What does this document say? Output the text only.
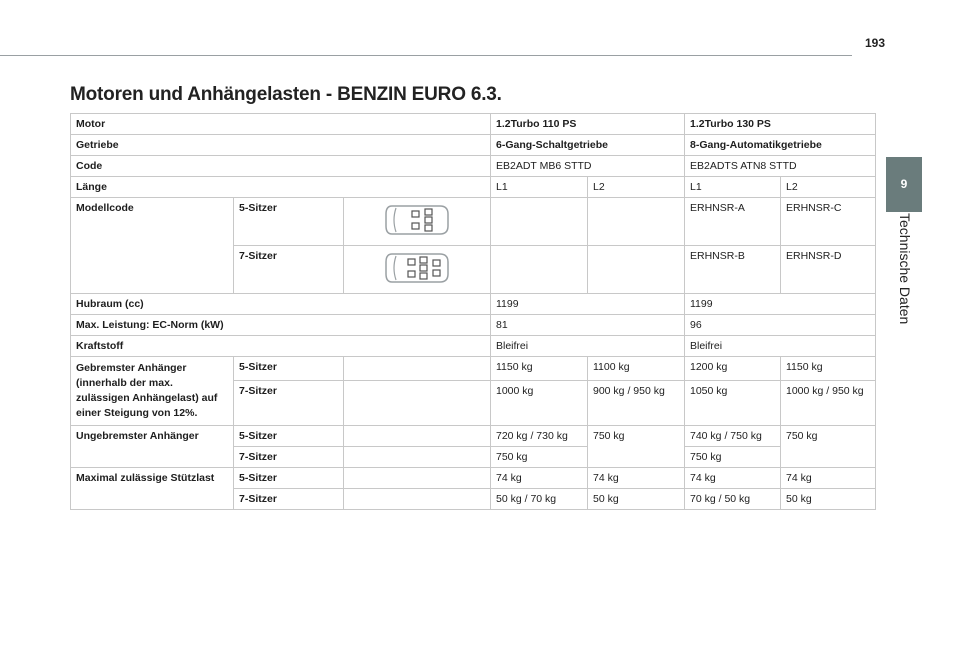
193
9
Technische Daten
Motoren und Anhängelasten - BENZIN EURO 6.3.
Motor			1.2Turbo 110 PS		1.2Turbo 130 PS	
Getriebe			6-Gang-Schaltgetriebe		8-Gang-Automatikgetriebe	
Code			EB2ADT MB6 STTD		EB2ADTS ATN8 STTD	
Länge			L1	L2	L1	L2
Modellcode	5-Sitzer				ERHNSR-A	ERHNSR-C
	7-Sitzer				ERHNSR-B	ERHNSR-D
Hubraum (cc)			1199		1199	
Max. Leistung: EC-Norm (kW)			81		96	
Kraftstoff			Bleifrei		Bleifrei	
Gebremster Anhänger (innerhalb der max. zulässigen Anhängelast) auf einer Steigung von 12%.	5-Sitzer		1150 kg	1100 kg	1200 kg	1150 kg
	7-Sitzer		1000 kg	900 kg / 950 kg	1050 kg	1000 kg / 950 kg
Ungebremster Anhänger	5-Sitzer		720 kg / 730 kg	750 kg	740 kg / 750 kg	750 kg
	7-Sitzer		750 kg		750 kg	
Maximal zulässige Stützlast	5-Sitzer		74 kg	74 kg	74 kg	74 kg
	7-Sitzer		50 kg / 70 kg	50 kg	70 kg / 50 kg	50 kg
